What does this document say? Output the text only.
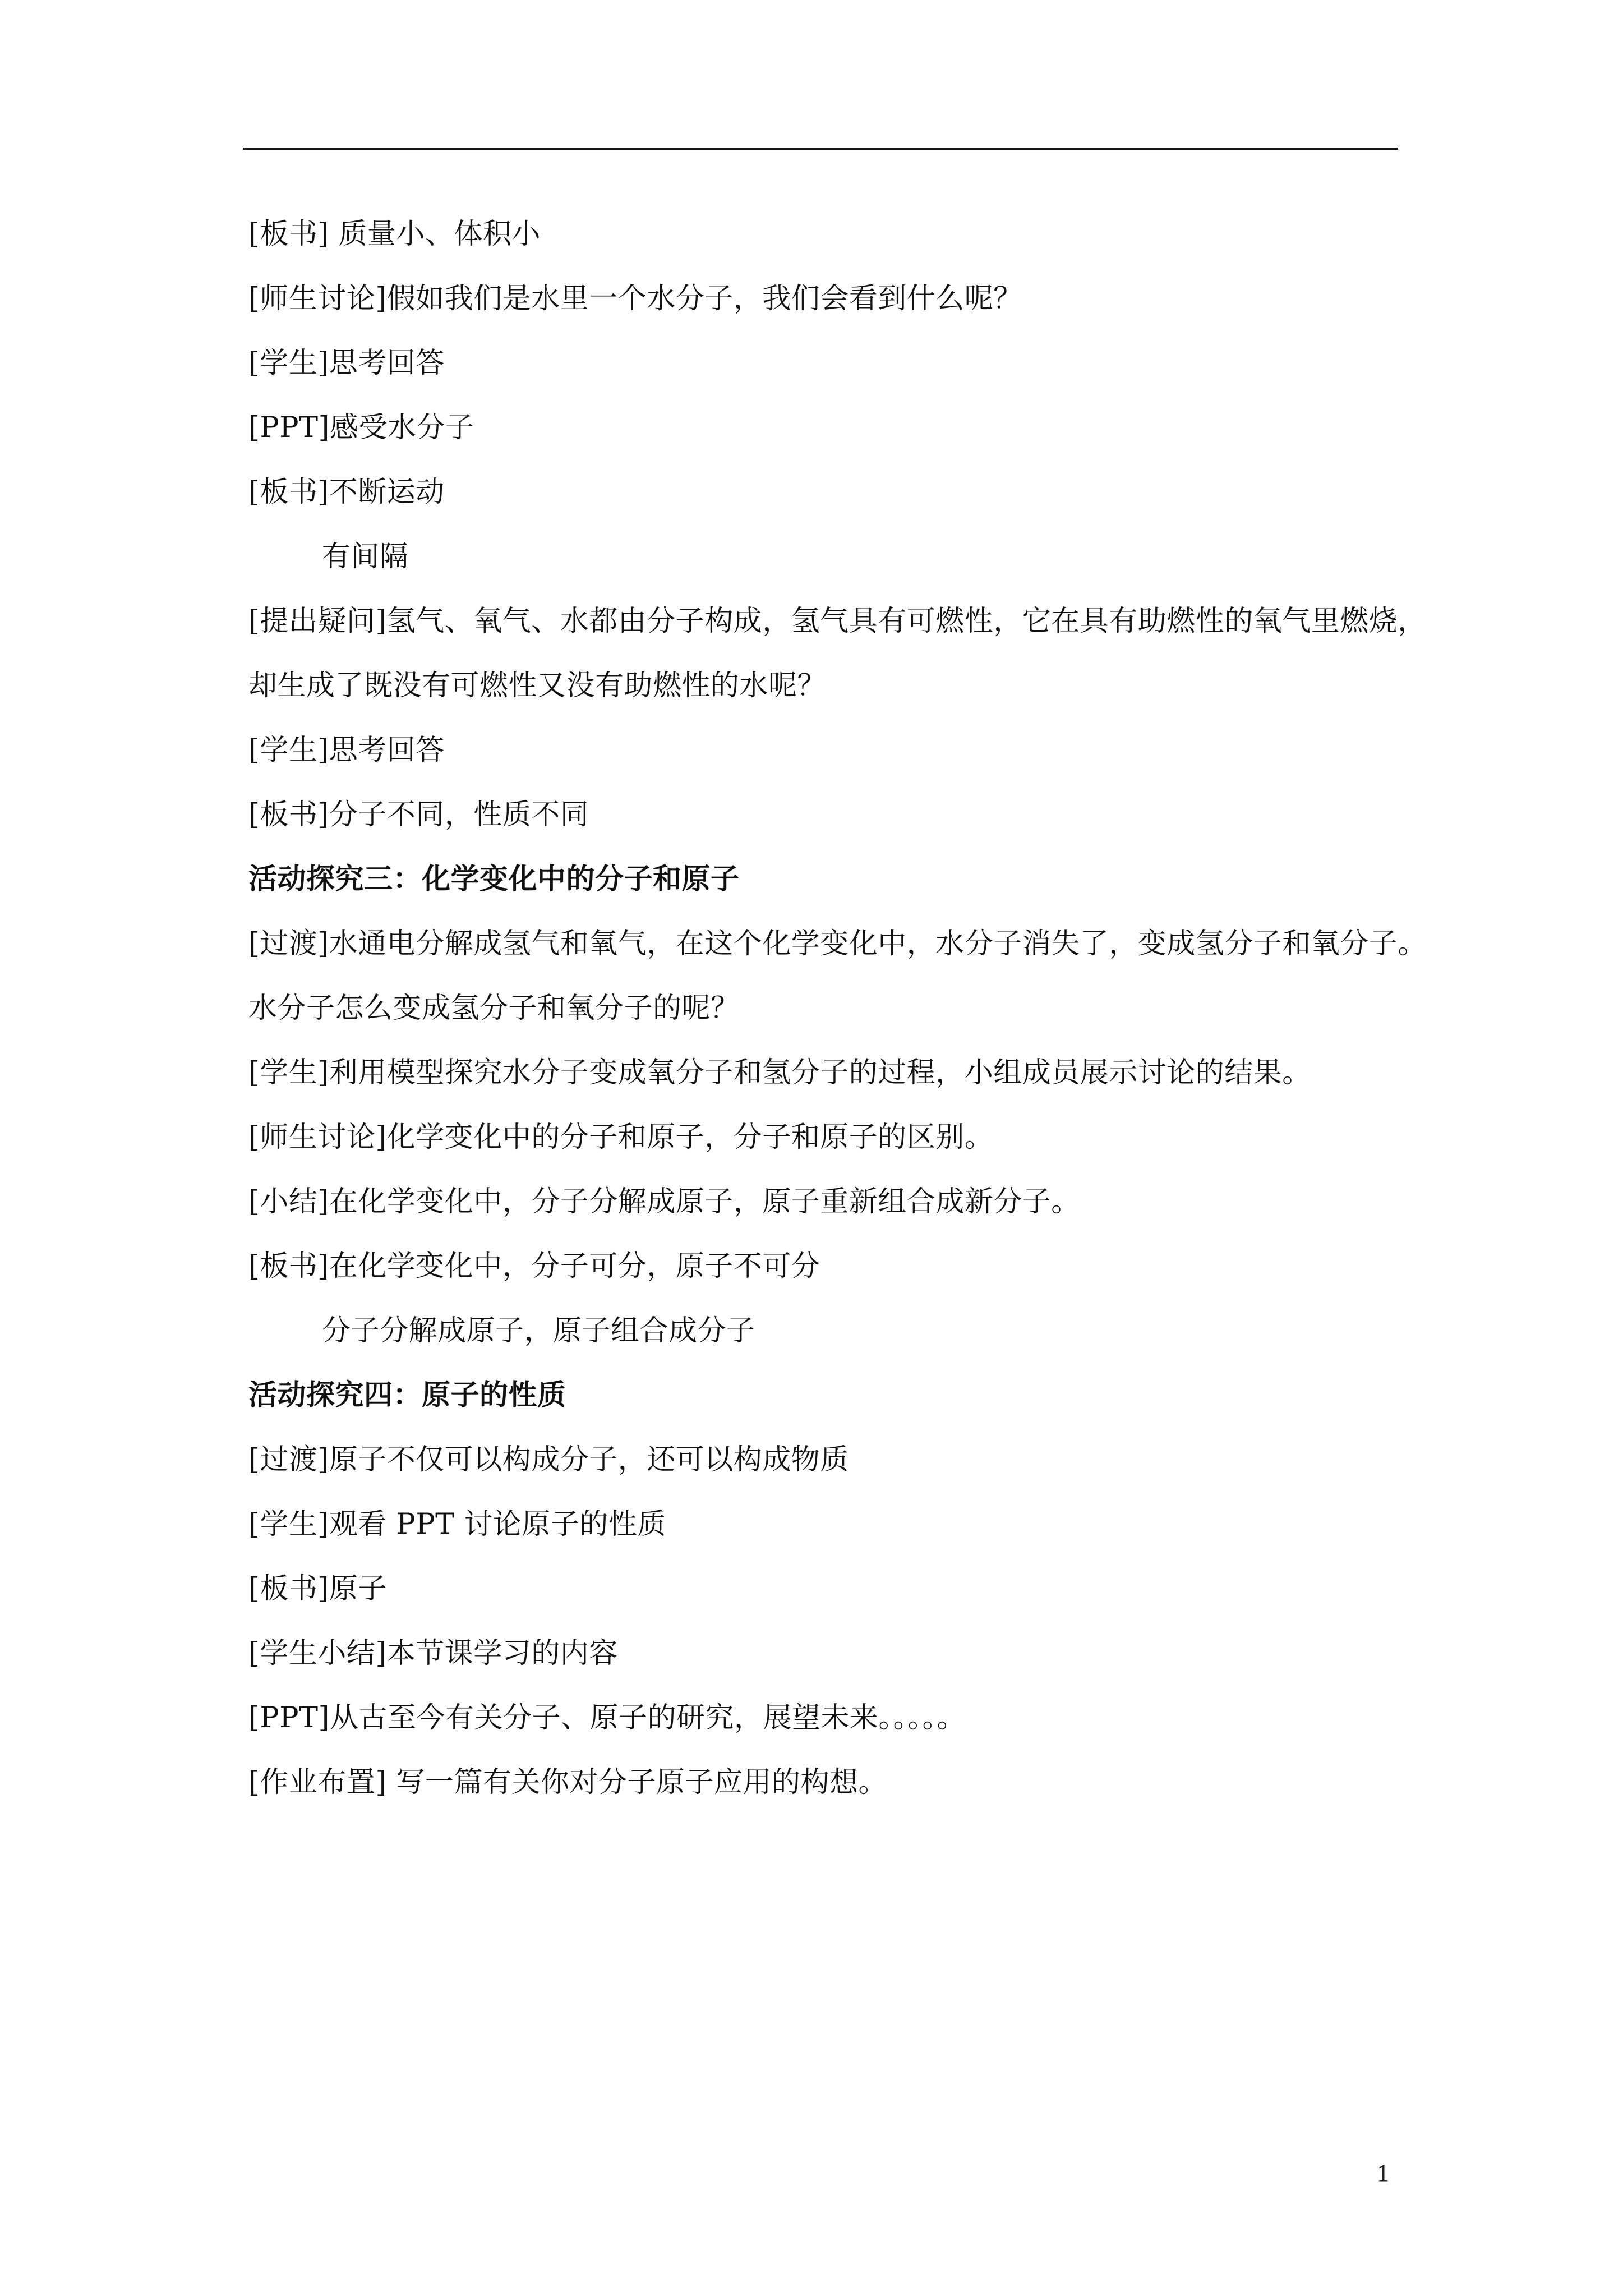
[板书] 质量小、体积小
[师生讨论]假如我们是水里一个水分子，我们会看到什么呢？
[学生]思考回答
[PPT]感受水分子
[板书]不断运动
有间隔
[提出疑问]氢气、氧气、水都由分子构成，氢气具有可燃性，它在具有助燃性的氧气里燃烧，
却生成了既没有可燃性又没有助燃性的水呢？
[学生]思考回答
[板书]分子不同，性质不同
活动探究三：化学变化中的分子和原子
[过渡]水通电分解成氢气和氧气，在这个化学变化中，水分子消失了，变成氢分子和氧分子。
水分子怎么变成氢分子和氧分子的呢？
[学生]利用模型探究水分子变成氧分子和氢分子的过程，小组成员展示讨论的结果。
[师生讨论]化学变化中的分子和原子，分子和原子的区别。
[小结]在化学变化中，分子分解成原子，原子重新组合成新分子。
[板书]在化学变化中，分子可分，原子不可分
分子分解成原子，原子组合成分子
活动探究四：原子的性质
[过渡]原子不仅可以构成分子，还可以构成物质
[学生]观看 PPT 讨论原子的性质
[板书]原子
[学生小结]本节课学习的内容
[PPT]从古至今有关分子、原子的研究，展望未来。。。。。
[作业布置] 写一篇有关你对分子原子应用的构想。
1
